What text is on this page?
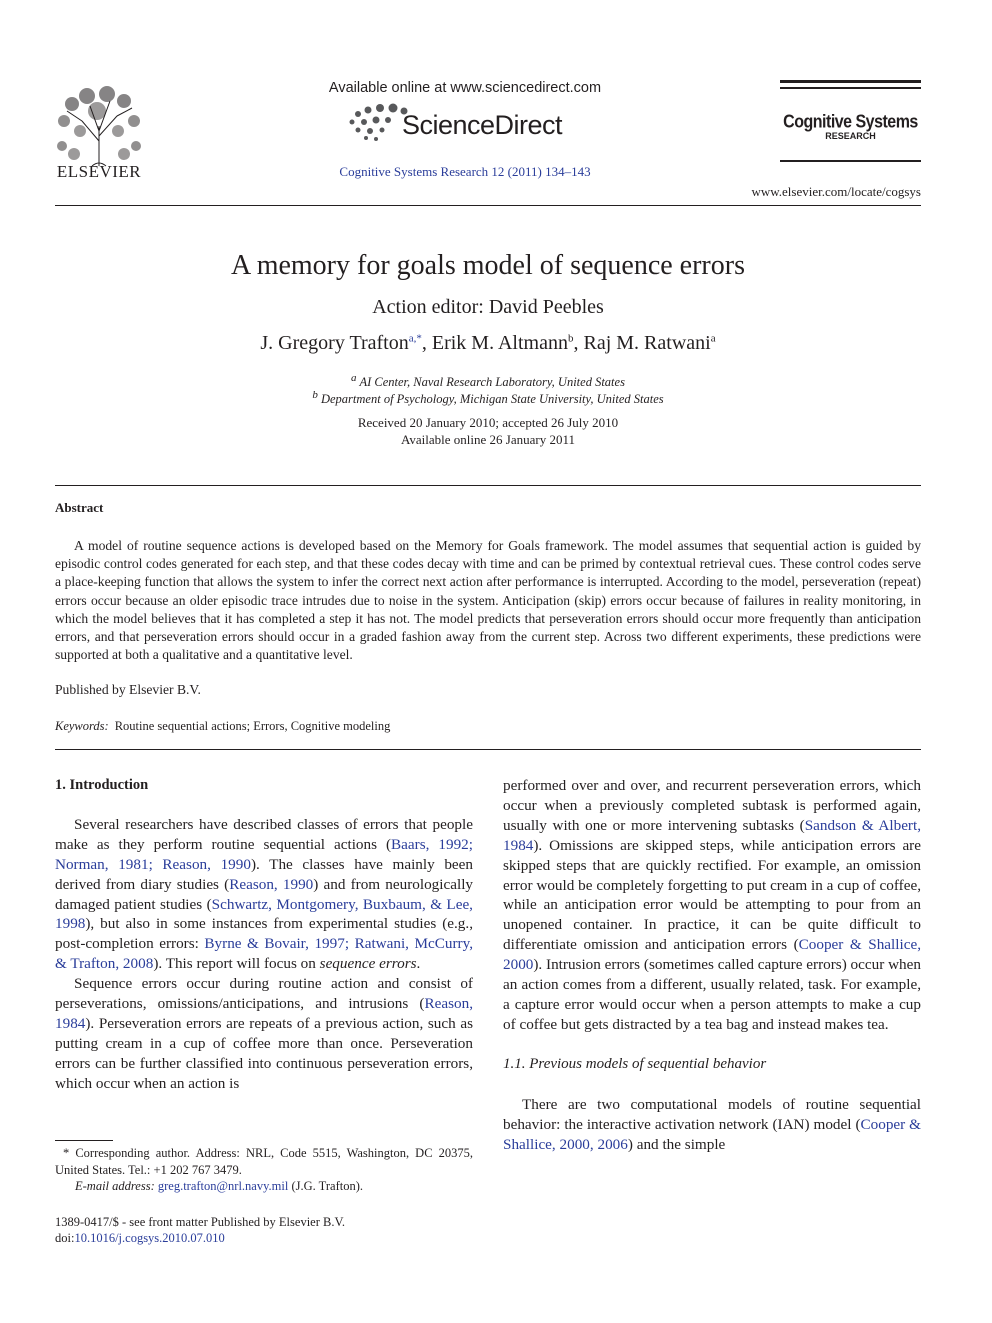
ELSEVIER
Available online at www.sciencedirect.com
ScienceDirect
Cognitive Systems Research 12 (2011) 134–143
Cognitive Systems
RESEARCH
www.elsevier.com/locate/cogsys
A memory for goals model of sequence errors
Action editor: David Peebles
J. Gregory Trafton$^{a,*}$, Erik M. Altmann$^b$, Raj M. Ratwani$^a$
$^a$ AI Center, Naval Research Laboratory, United States
$^b$ Department of Psychology, Michigan State University, United States
Received 20 January 2010; accepted 26 July 2010
Available online 26 January 2011
Abstract

A model of routine sequence actions is developed based on the Memory for Goals framework. The model assumes that sequential action is guided by episodic control codes generated for each step, and that these codes decay with time and can be primed by contextual retrieval cues. These control codes serve a place-keeping function that allows the system to infer the correct next action after performance is interrupted. According to the model, perseveration (repeat) errors occur because an older episodic trace intrudes due to noise in the system. Anticipation (skip) errors occur because of failures in reality monitoring, in which the model believes that it has completed a step it has not. The model predicts that perseveration errors should occur more frequently than anticipation errors, and that perseveration errors should occur in a graded fashion away from the current step. Across two different experiments, these predictions were supported at both a qualitative and a quantitative level.

Published by Elsevier B.V.
Keywords: Routine sequential actions; Errors, Cognitive modeling
1. Introduction

Several researchers have described classes of errors that people make as they perform routine sequential actions (Baars, 1992; Norman, 1981; Reason, 1990). The classes have mainly been derived from diary studies (Reason, 1990) and from neurologically damaged patient studies (Schwartz, Montgomery, Buxbaum, & Lee, 1998), but also in some instances from experimental studies (e.g., post-completion errors: Byrne & Bovair, 1997; Ratwani, McCurry, & Trafton, 2008). This report will focus on sequence errors.

Sequence errors occur during routine action and consist of perseverations, omissions/anticipations, and intrusions (Reason, 1984). Perseveration errors are repeats of a previous action, such as putting cream in a cup of coffee more than once. Perseveration errors can be further classified into continuous perseveration errors, which occur when an action is

* Corresponding author. Address: NRL, Code 5515, Washington, DC 20375, United States. Tel.: +1 202 767 3479.

E-mail address: greg.trafton@nrl.navy.mil (J.G. Trafton).
1389-0417/$ - see front matter Published by Elsevier B.V.
doi:10.1016/j.cogsys.2010.07.010

performed over and over, and recurrent perseveration errors, which occur when a previously completed subtask is performed again, usually with one or more intervening subtasks (Sandson & Albert, 1984). Omissions are skipped steps, while anticipation errors are skipped steps that are quickly rectified. For example, an omission error would be completely forgetting to put cream in a cup of coffee, while an anticipation error would be attempting to pour from an unopened container. In practice, it can be quite difficult to differentiate omission and anticipation errors (Cooper & Shallice, 2000). Intrusion errors (sometimes called capture errors) occur when an action comes from a different, usually related, task. For example, a capture error would occur when a person attempts to make a cup of coffee but gets distracted by a tea bag and instead makes tea.

1.1. Previous models of sequential behavior

There are two computational models of routine sequential behavior: the interactive activation network (IAN) model (Cooper & Shallice, 2000, 2006) and the simple
